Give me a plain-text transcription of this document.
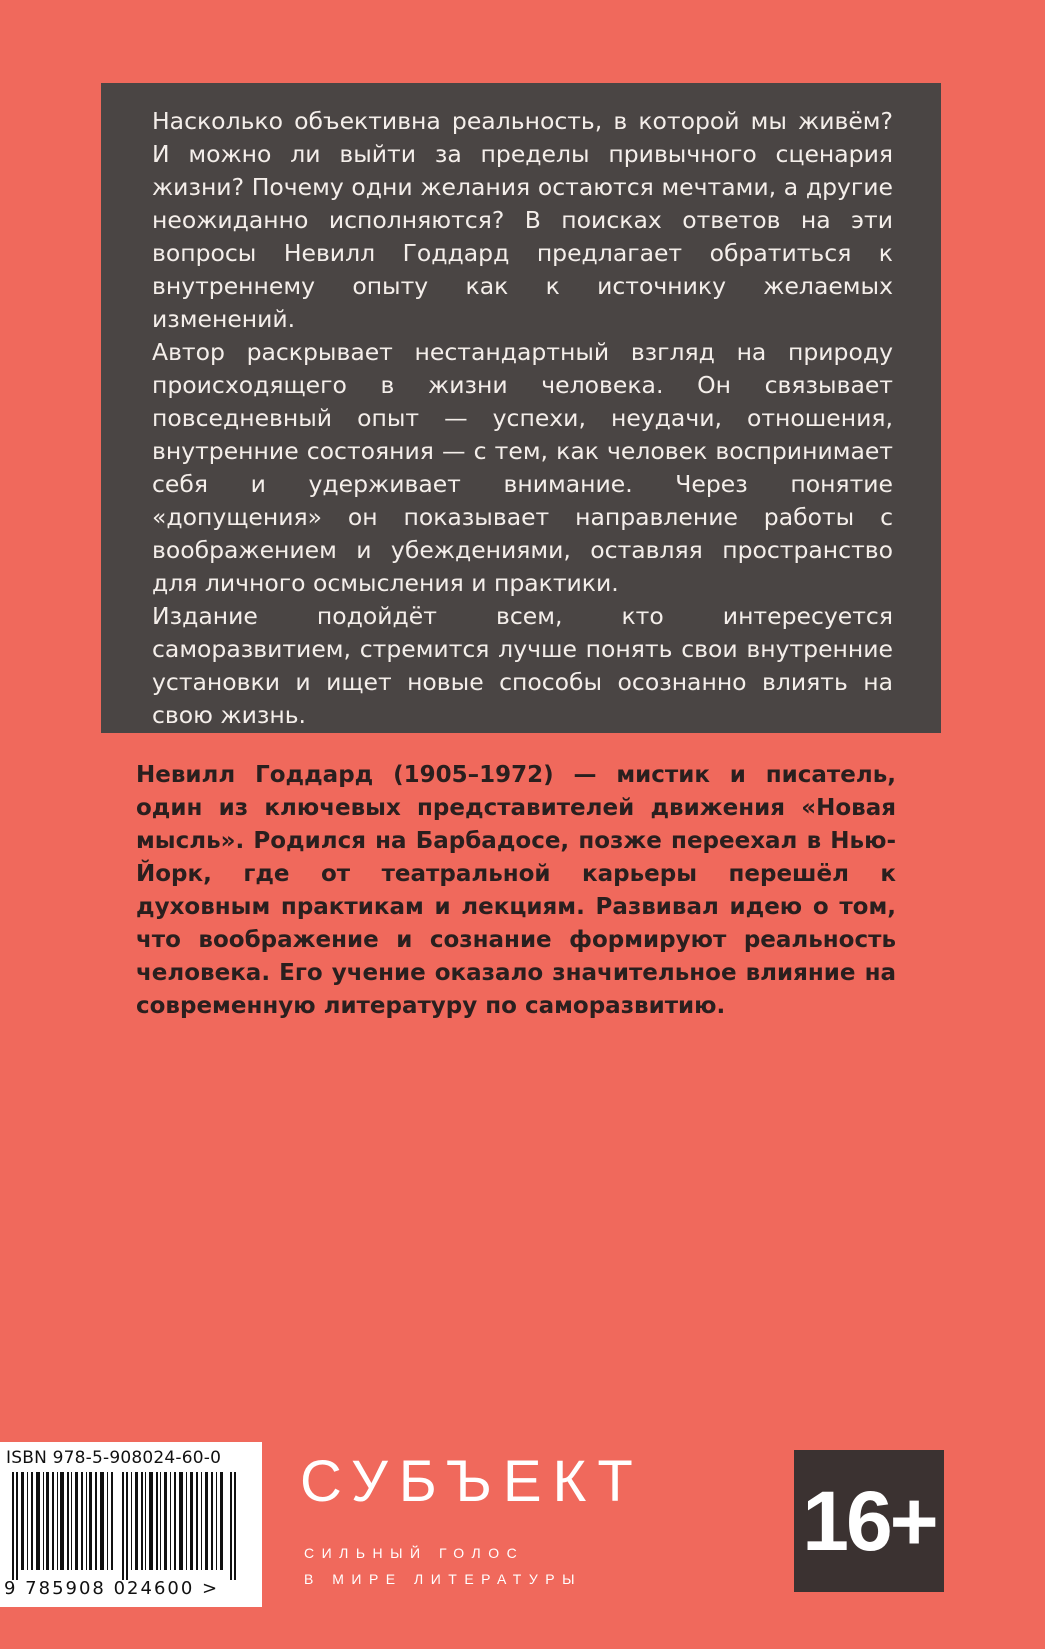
Насколько объективна реальность, в которой мы живём? И можно ли выйти за пределы привычного сценария жизни? Почему одни желания остаются мечтами, а другие неожиданно исполняются? В поисках ответов на эти вопросы Невилл Годдард предлагает обратиться к внутреннему опыту как к источнику желаемых изменений.

Автор раскрывает нестандартный взгляд на природу происходящего в жизни человека. Он связывает повседневный опыт — успехи, неудачи, отношения, внутренние состояния — с тем, как человек воспринимает себя и удерживает внимание. Через понятие «допущения» он показывает направление работы с воображением и убеждениями, оставляя пространство для личного осмысления и практики.

Издание подойдёт всем, кто интересуется саморазвитием, стремится лучше понять свои внутренние установки и ищет новые способы осознанно влиять на свою жизнь.

Невилл Годдард (1905–1972) — мистик и писатель, один из ключевых представителей движения «Новая мысль». Родился на Барбадосе, позже переехал в Нью-Йорк, где от театральной карьеры перешёл к духовным практикам и лекциям. Развивал идею о том, что воображение и сознание формируют реальность человека. Его учение оказало значительное влияние на современную литературу по саморазвитию.
ISBN 978-5-908024-60-0
9 785908 024600 >
СУБЪЕКТ
СИЛЬНЫЙ ГОЛОС
В МИРЕ ЛИТЕРАТУРЫ
16+
